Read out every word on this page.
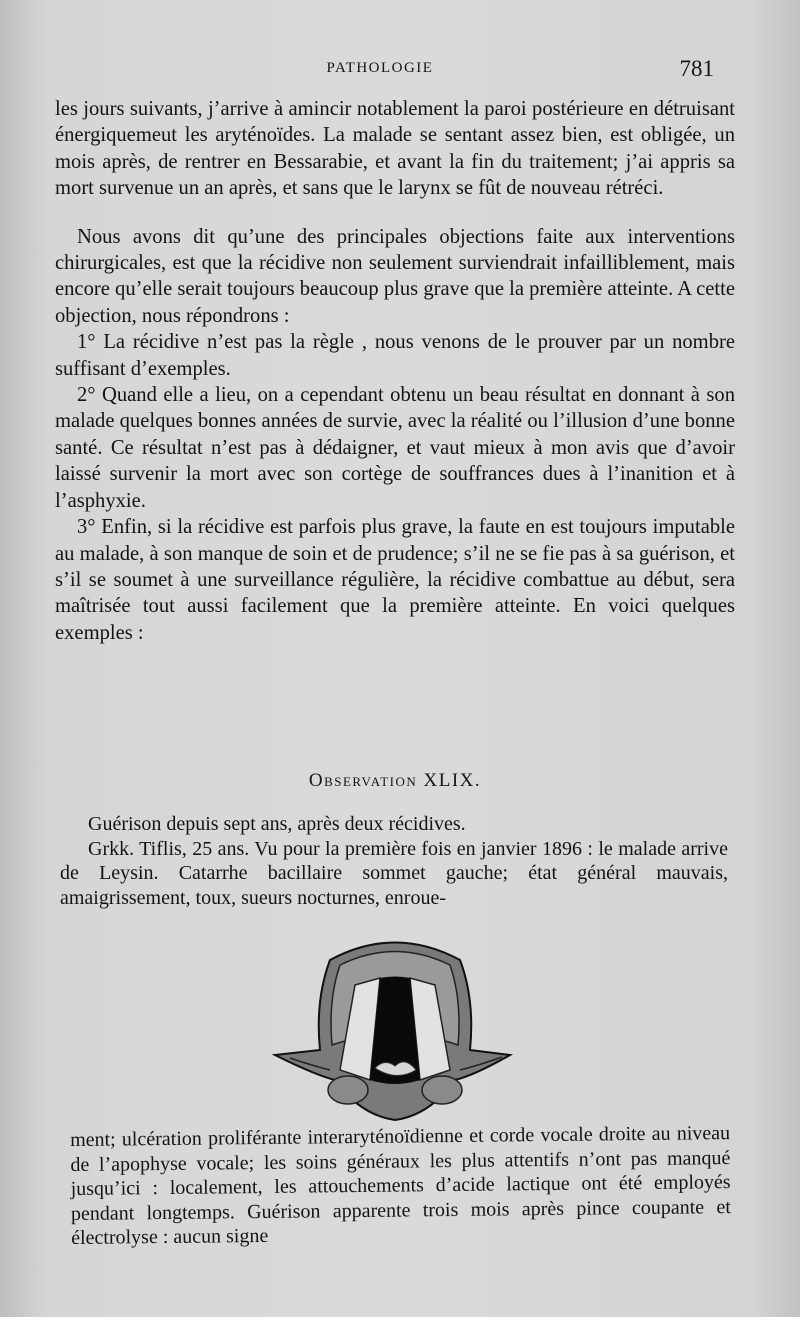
PATHOLOGIE	781

les jours suivants, j’arrive à amincir notablement la paroi postérieure en détruisant énergiquemeut les aryténoïdes. La malade se sentant assez bien, est obligée, un mois après, de rentrer en Bessarabie, et avant la fin du traitement; j’ai appris sa mort survenue un an après, et sans que le larynx se fût de nouveau rétréci.

Nous avons dit qu’une des principales objections faite aux interventions chirurgicales, est que la récidive non seulement surviendrait infailliblement, mais encore qu’elle serait toujours beaucoup plus grave que la première atteinte. A cette objection, nous répondrons :

1° La récidive n’est pas la règle , nous venons de le prouver par un nombre suffisant d’exemples.

2° Quand elle a lieu, on a cependant obtenu un beau résultat en donnant à son malade quelques bonnes années de survie, avec la réalité ou l’illusion d’une bonne santé. Ce résultat n’est pas à dédaigner, et vaut mieux à mon avis que d’avoir laissé survenir la mort avec son cortège de souffrances dues à l’inanition et à l’asphyxie.

3° Enfin, si la récidive est parfois plus grave, la faute en est toujours imputable au malade, à son manque de soin et de prudence; s’il ne se fie pas à sa guérison, et s’il se soumet à une surveillance régulière, la récidive combattue au début, sera maîtrisée tout aussi facilement que la première atteinte. En voici quelques exemples :

Observation XLIX.

Guérison depuis sept ans, après deux récidives.

Grkk. Tiflis, 25 ans. Vu pour la première fois en janvier 1896 : le malade arrive de Leysin. Catarrhe bacillaire sommet gauche; état général mauvais, amaigrissement, toux, sueurs nocturnes, enroue-

ment; ulcération proliférante interaryténoïdienne et corde vocale droite au niveau de l’apophyse vocale; les soins généraux les plus attentifs n’ont pas manqué jusqu’ici : localement, les attouchements d’acide lactique ont été employés pendant longtemps. Guérison apparente trois mois après pince coupante et électrolyse : aucun signe
